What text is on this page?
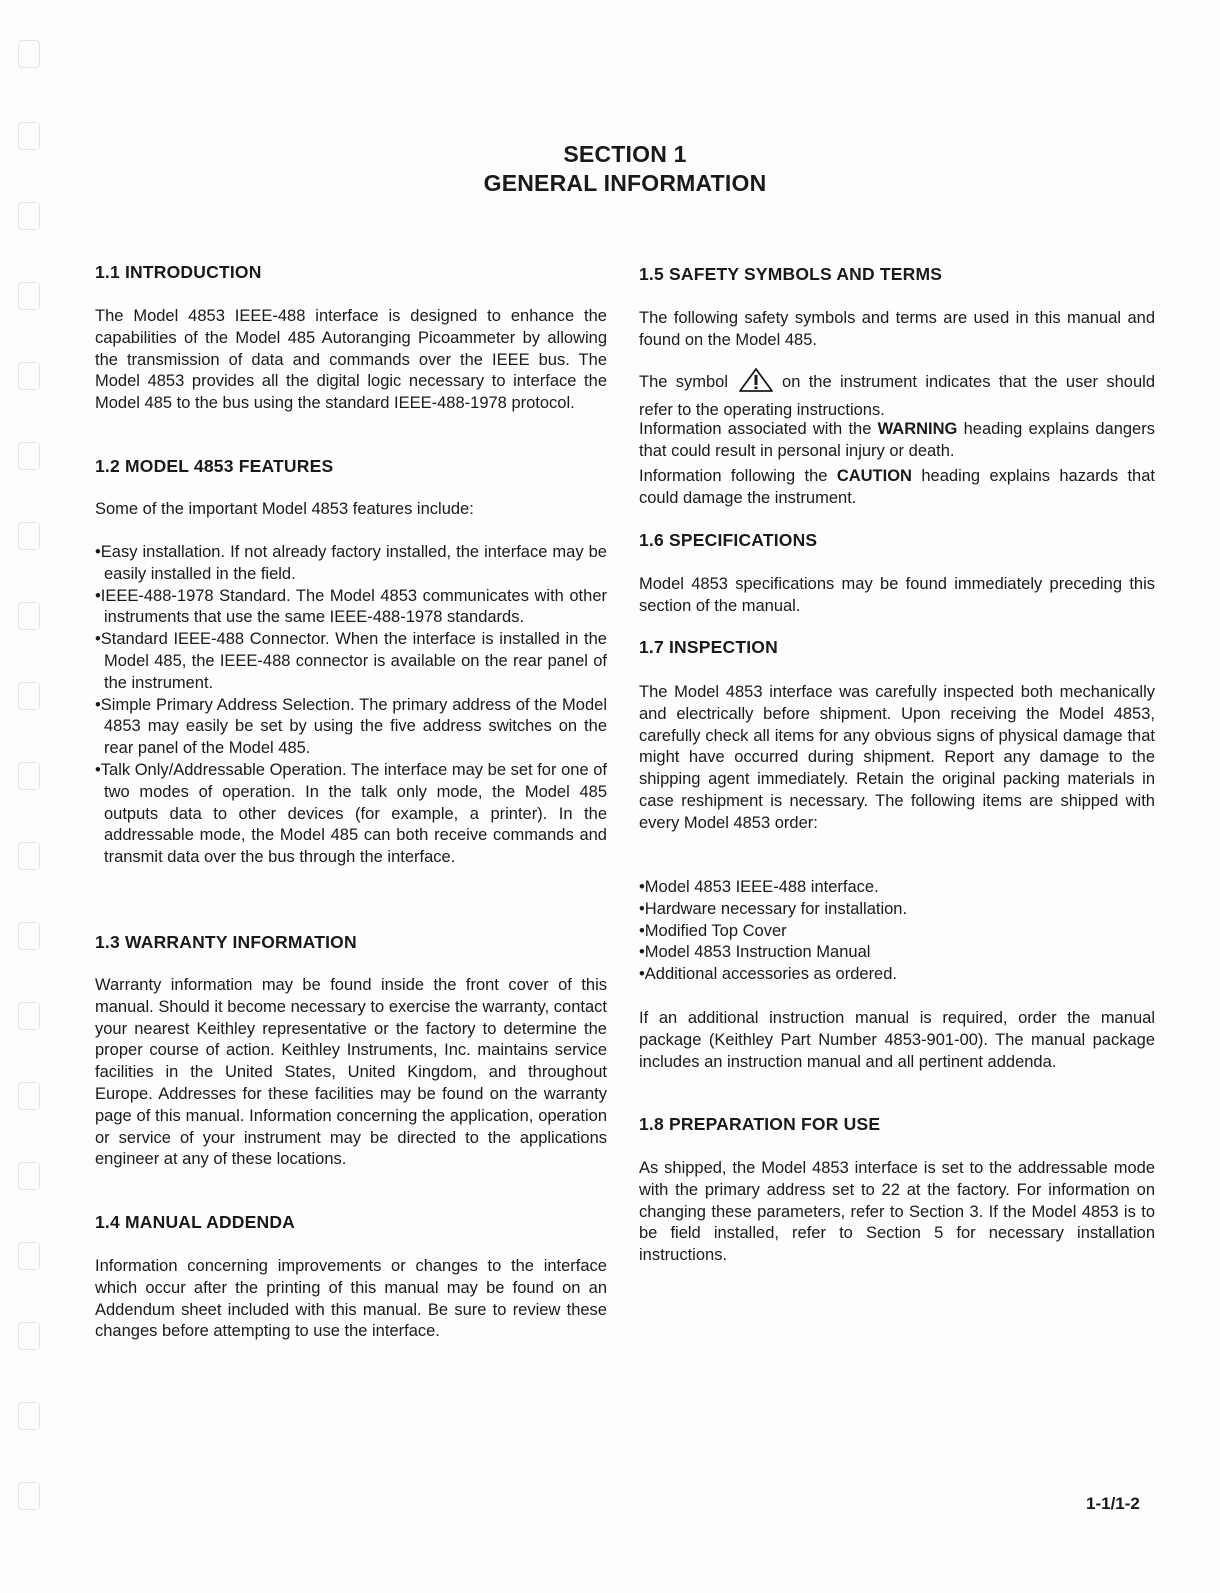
SECTION 1
GENERAL INFORMATION
1.1 INTRODUCTION

The Model 4853 IEEE-488 interface is designed to enhance the capabilities of the Model 485 Autoranging Picoammeter by allowing the transmission of data and commands over the IEEE bus. The Model 4853 provides all the digital logic necessary to interface the Model 485 to the bus using the standard IEEE-488-1978 protocol.

1.2 MODEL 4853 FEATURES

Some of the important Model 4853 features include:

•Easy installation. If not already factory installed, the interface may be easily installed in the field.
•IEEE-488-1978 Standard. The Model 4853 communicates with other instruments that use the same IEEE-488-1978 standards.
•Standard IEEE-488 Connector. When the interface is installed in the Model 485, the IEEE-488 connector is available on the rear panel of the instrument.
•Simple Primary Address Selection. The primary address of the Model 4853 may easily be set by using the five address switches on the rear panel of the Model 485.
•Talk Only/Addressable Operation. The interface may be set for one of two modes of operation. In the talk only mode, the Model 485 outputs data to other devices (for example, a printer). In the addressable mode, the Model 485 can both receive commands and transmit data over the bus through the interface.
1.3 WARRANTY INFORMATION

Warranty information may be found inside the front cover of this manual. Should it become necessary to exercise the warranty, contact your nearest Keithley representative or the factory to determine the proper course of action. Keithley Instruments, Inc. maintains service facilities in the United States, United Kingdom, and throughout Europe. Addresses for these facilities may be found on the warranty page of this manual. Information concerning the application, operation or service of your instrument may be directed to the applications engineer at any of these locations.

1.4 MANUAL ADDENDA

Information concerning improvements or changes to the interface which occur after the printing of this manual may be found on an Addendum sheet included with this manual. Be sure to review these changes before attempting to use the interface.

1.5 SAFETY SYMBOLS AND TERMS

The following safety symbols and terms are used in this manual and found on the Model 485.

The symbol	on the instrument indicates that the user should refer to the operating instructions.

Information associated with the WARNING heading explains dangers that could result in personal injury or death.

Information following the CAUTION heading explains hazards that could damage the instrument.

1.6 SPECIFICATIONS

Model 4853 specifications may be found immediately preceding this section of the manual.

1.7 INSPECTION

The Model 4853 interface was carefully inspected both mechanically and electrically before shipment. Upon receiving the Model 4853, carefully check all items for any obvious signs of physical damage that might have occurred during shipment. Report any damage to the shipping agent immediately. Retain the original packing materials in case reshipment is necessary. The following items are shipped with every Model 4853 order:

•Model 4853 IEEE-488 interface.
•Hardware necessary for installation.
•Modified Top Cover
•Model 4853 Instruction Manual
•Additional accessories as ordered.

If an additional instruction manual is required, order the manual package (Keithley Part Number 4853-901-00). The manual package includes an instruction manual and all pertinent addenda.

1.8 PREPARATION FOR USE

As shipped, the Model 4853 interface is set to the addressable mode with the primary address set to 22 at the factory. For information on changing these parameters, refer to Section 3. If the Model 4853 is to be field installed, refer to Section 5 for necessary installation instructions.

1-1/1-2
